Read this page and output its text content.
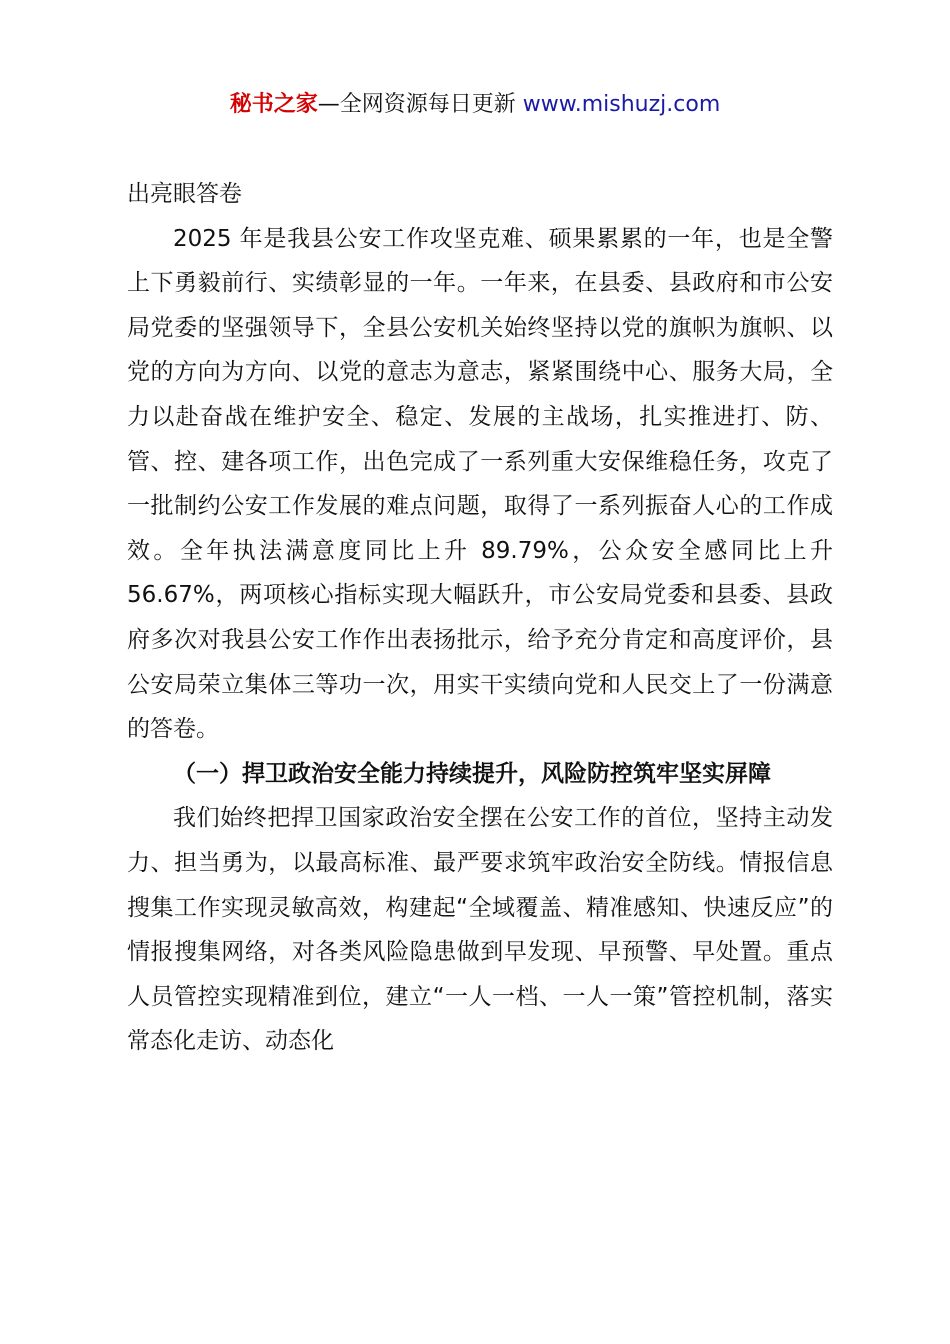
秘书之家—全网资源每日更新 www.mishuzj.com

出亮眼答卷

2025 年是我县公安工作攻坚克难、硕果累累的一年，也是全警上下勇毅前行、实绩彰显的一年。一年来，在县委、县政府和市公安局党委的坚强领导下，全县公安机关始终坚持以党的旗帜为旗帜、以党的方向为方向、以党的意志为意志，紧紧围绕中心、服务大局，全力以赴奋战在维护安全、稳定、发展的主战场，扎实推进打、防、管、控、建各项工作，出色完成了一系列重大安保维稳任务，攻克了一批制约公安工作发展的难点问题，取得了一系列振奋人心的工作成效。全年执法满意度同比上升 89.79%，公众安全感同比上升 56.67%，两项核心指标实现大幅跃升，市公安局党委和县委、县政府多次对我县公安工作作出表扬批示，给予充分肯定和高度评价，县公安局荣立集体三等功一次，用实干实绩向党和人民交上了一份满意的答卷。

（一）捍卫政治安全能力持续提升，风险防控筑牢坚实屏障

我们始终把捍卫国家政治安全摆在公安工作的首位，坚持主动发力、担当勇为，以最高标准、最严要求筑牢政治安全防线。情报信息搜集工作实现灵敏高效，构建起“全域覆盖、精准感知、快速反应”的情报搜集网络，对各类风险隐患做到早发现、早预警、早处置。重点人员管控实现精准到位，建立“一人一档、一人一策”管控机制，落实常态化走访、动态化
